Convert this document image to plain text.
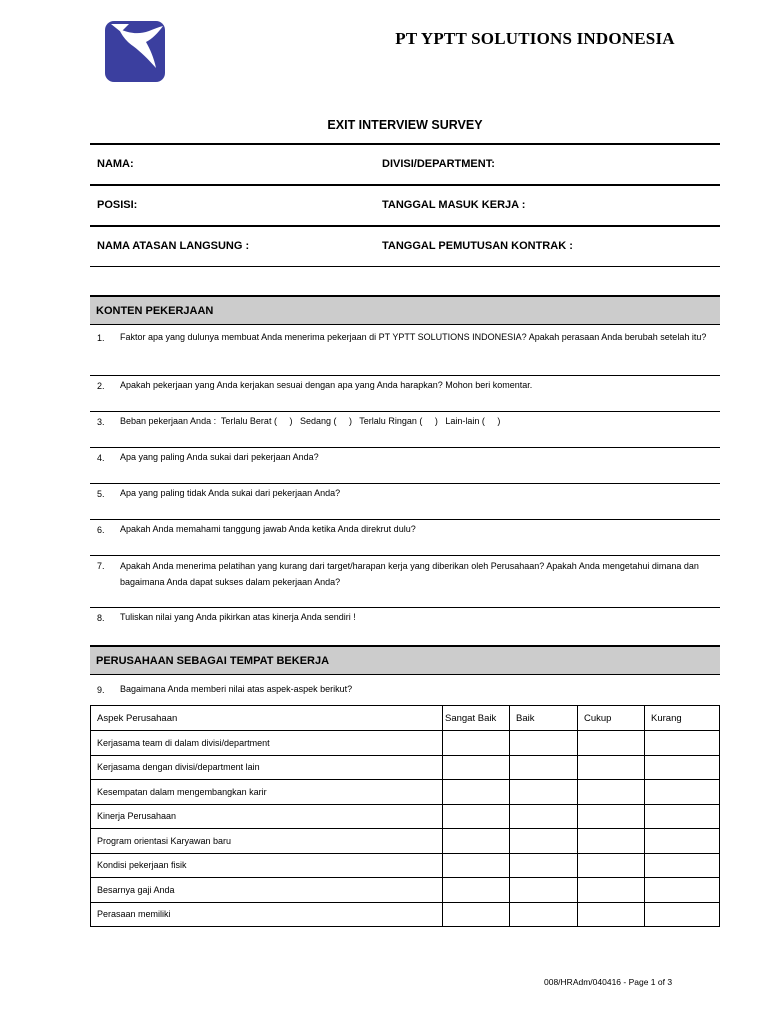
PT YPTT SOLUTIONS INDONESIA
EXIT INTERVIEW SURVEY
NAMA:	DIVISI/DEPARTMENT:
POSISI:	TANGGAL MASUK KERJA :
NAMA ATASAN LANGSUNG :	TANGGAL PEMUTUSAN KONTRAK :
KONTEN PEKERJAAN
1. Faktor apa yang dulunya membuat Anda menerima pekerjaan di PT YPTT SOLUTIONS INDONESIA? Apakah perasaan Anda berubah setelah itu?
2. Apakah pekerjaan yang Anda kerjakan sesuai dengan apa yang Anda harapkan? Mohon beri komentar.
3. Beban pekerjaan Anda :  Terlalu Berat (     )   Sedang (     )   Terlalu Ringan (     )   Lain-lain (     )
4. Apa yang paling Anda sukai dari pekerjaan Anda?
5. Apa yang paling tidak Anda sukai dari pekerjaan Anda?
6. Apakah Anda memahami tanggung jawab Anda ketika Anda direkrut dulu?
7. Apakah Anda menerima pelatihan yang kurang dari target/harapan kerja yang diberikan oleh Perusahaan? Apakah Anda mengetahui dimana dan bagaimana Anda dapat sukses dalam pekerjaan Anda?
8. Tuliskan nilai yang Anda pikirkan atas kinerja Anda sendiri !
PERUSAHAAN SEBAGAI TEMPAT BEKERJA
9. Bagaimana Anda memberi nilai atas aspek-aspek berikut?
Aspek Perusahaan	Sangat Baik	Baik	Cukup	Kurang
Kerjasama team di dalam divisi/department				
Kerjasama dengan divisi/department lain				
Kesempatan dalam mengembangkan karir				
Kinerja Perusahaan				
Program orientasi Karyawan baru				
Kondisi pekerjaan fisik				
Besarnya gaji Anda				
Perasaan memiliki				
008/HRAdm/040416 - Page 1 of 3
